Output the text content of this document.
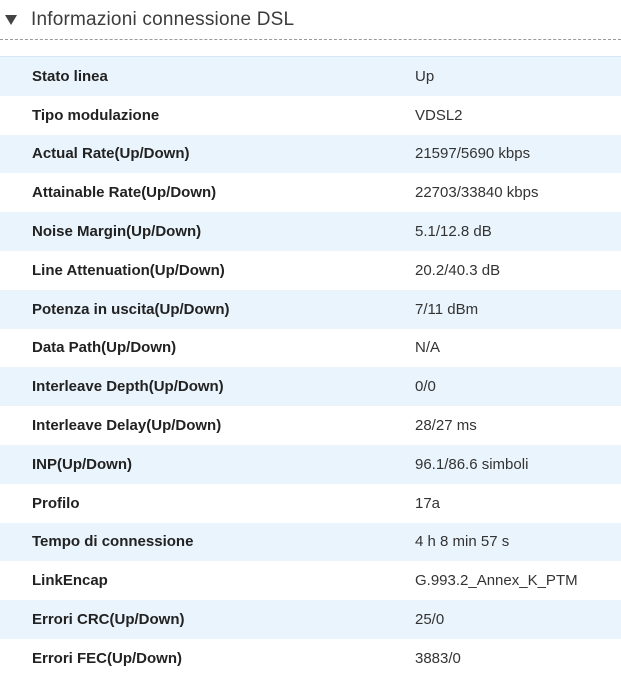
Informazioni connessione DSL
Stato linea	Up
Tipo modulazione	VDSL2
Actual Rate(Up/Down)	21597/5690 kbps
Attainable Rate(Up/Down)	22703/33840 kbps
Noise Margin(Up/Down)	5.1/12.8 dB
Line Attenuation(Up/Down)	20.2/40.3 dB
Potenza in uscita(Up/Down)	7/11 dBm
Data Path(Up/Down)	N/A
Interleave Depth(Up/Down)	0/0
Interleave Delay(Up/Down)	28/27 ms
INP(Up/Down)	96.1/86.6 simboli
Profilo	17a
Tempo di connessione	4 h 8 min 57 s
LinkEncap	G.993.2_Annex_K_PTM
Errori CRC(Up/Down)	25/0
Errori FEC(Up/Down)	3883/0
